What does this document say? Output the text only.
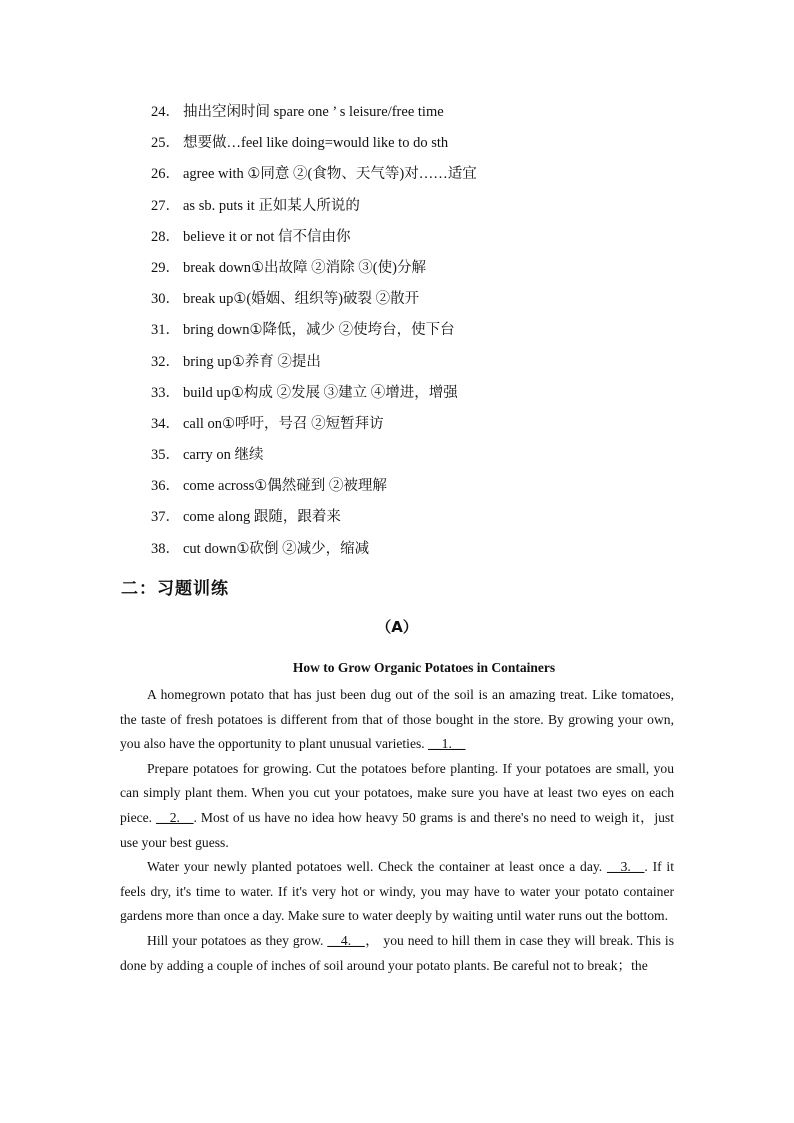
24． 抽出空闲时间 spare one ’ s leisure/free time
25． 想要做…feel like doing=would like to do sth
26． agree with ①同意 ②(食物、天气等)对……适宜
27． as sb. puts it 正如某人所说的
28． believe it or not 信不信由你
29． break down①出故障 ②消除 ③(使)分解
30． break up①(婚姻、组织等)破裂 ②散开
31． bring down①降低，减少 ②使垮台，使下台
32． bring up①养育 ②提出
33． build up①构成 ②发展 ③建立 ④增进，增强
34． call on①呼吁，号召 ②短暂拜访
35． carry on 继续
36． come across①偶然碰到 ②被理解
37． come along 跟随，跟着来
38． cut down①砍倒 ②减少，缩减
二：习题训练
（A）
How to Grow Organic Potatoes in Containers

A homegrown potato that has just been dug out of the soil is an amazing treat. Like tomatoes, the taste of fresh potatoes is different from that of those bought in the store. By growing your own, you also have the opportunity to plant unusual varieties. __1.__

Prepare potatoes for growing. Cut the potatoes before planting. If your potatoes are small, you can simply plant them. When you cut your potatoes, make sure you have at least two eyes on each piece. __2.__. Most of us have no idea how heavy 50 grams is and there's no need to weigh it，just use your best guess.

Water your newly planted potatoes well. Check the container at least once a day. __3.__. If it feels dry, it's time to water. If it's very hot or windy, you may have to water your potato container gardens more than once a day. Make sure to water deeply by waiting until water runs out the bottom.

Hill your potatoes as they grow. __4.__， you need to hill them in case they will break. This is done by adding a couple of inches of soil around your potato plants. Be careful not to break；the
